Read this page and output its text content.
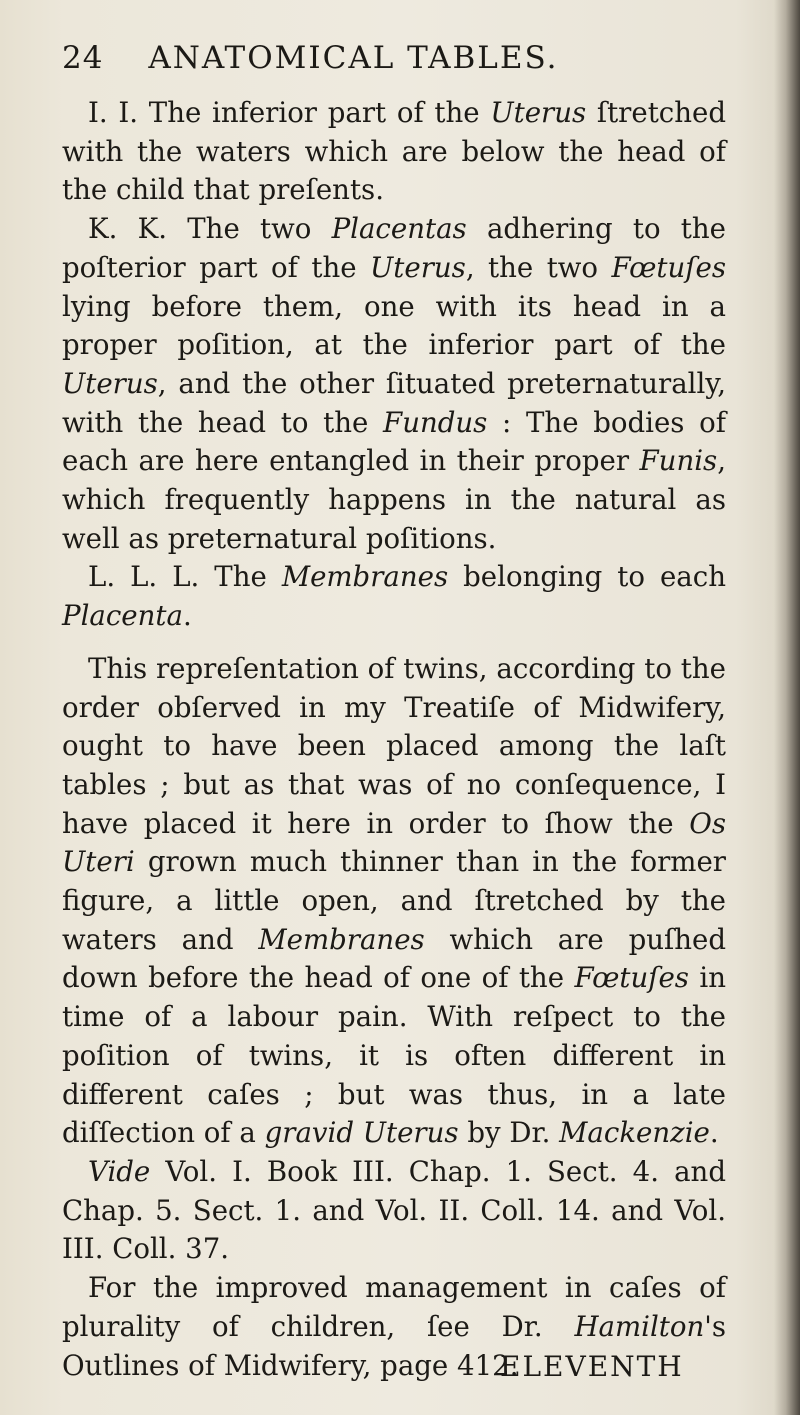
24 ANATOMICAL TABLES.

I. I. The inferior part of the Uterus ſtretched with the waters which are below the head of the child that preſents.

K. K. The two Placentas adhering to the poſterior part of the Uterus, the two Fœtuſes lying before them, one with its head in a proper poſition, at the inferior part of the Uterus, and the other ſituated preternaturally, with the head to the Fundus : The bodies of each are here entangled in their proper Funis, which frequently happens in the natural as well as preternatural poſitions.

L. L. L. The Membranes belonging to each Placenta.

This repreſentation of twins, according to the order obſerved in my Treatiſe of Midwifery, ought to have been placed among the laſt tables ; but as that was of no conſequence, I have placed it here in order to ſhow the Os Uteri grown much thinner than in the former figure, a little open, and ſtretched by the waters and Membranes which are puſhed down before the head of one of the Fœtuſes in time of a labour pain. With reſpect to the poſition of twins, it is often different in different caſes ; but was thus, in a late diſſection of a gravid Uterus by Dr. Mackenzie.

Vide Vol. I. Book III. Chap. 1. Sect. 4. and Chap. 5. Sect. 1. and Vol. II. Coll. 14. and Vol. III. Coll. 37.

For the improved management in caſes of plurality of children, ſee Dr. Hamilton's Outlines of Midwifery, page 412.

ELEVENTH
